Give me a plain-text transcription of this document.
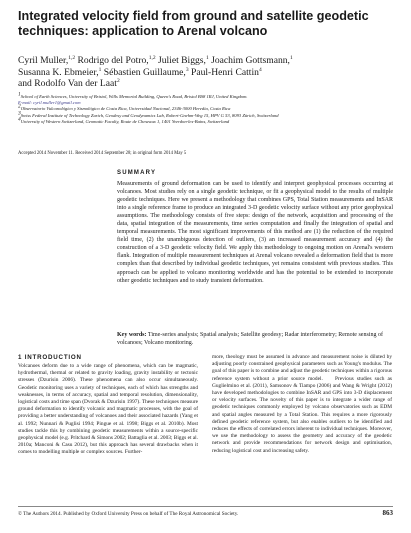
Integrated velocity field from ground and satellite geodetic techniques: application to Arenal volcano
Cyril Muller,$^{1,2}$ Rodrigo del Potro,$^{1,2}$ Juliet Biggs,$^1$ Joachim Gottsmann,$^1$
Susanna K. Ebmeier,$^1$ Sébastien Guillaume,$^3$ Paul-Henri Cattin$^4$
and Rodolfo Van der Laat$^2$
$^1$School of Earth Sciences, University of Bristol, Wills Memorial Building, Queen's Road, Bristol BS8 1RJ, United Kingdom.
E-mail: cyril.muller1@gmail.com
$^2$Observatorio Vulcanológico y Sismológico de Costa Rica, Universidad Nacional, 2346-3000 Heredia, Costa Rica
$^3$Swiss Federal Institute of Technology Zurich, Geodesy and Geodynamics Lab, Robert-Gnehm-Weg 15, HPV G 53, 8093 Zürich, Switzerland
$^4$University of Western Switzerland, Geomatic Faculty, Route de Cheseaux 1, 1401 Yverdon-les-Bains, Switzerland
Accepted 2014 November 11. Received 2014 September 28; in original form 2014 May 5
SUMMARY
Measurements of ground deformation can be used to identify and interpret geophysical processes occurring at volcanoes. Most studies rely on a single geodetic technique, or fit a geophysical model to the results of multiple geodetic techniques. Here we present a methodology that combines GPS, Total Station measurements and InSAR into a single reference frame to produce an integrated 3-D geodetic velocity surface without any prior geophysical assumptions. The methodology consists of five steps: design of the network, acquisition and processing of the data, spatial integration of the measurements, time series computation and finally the integration of spatial and temporal measurements. The most significant improvements of this method are (1) the reduction of the required field time, (2) the unambiguous detection of outliers, (3) an increased measurement accuracy and (4) the construction of a 3-D geodetic velocity field. We apply this methodology to ongoing motion on Arenal's western flank. Integration of multiple measurement techniques at Arenal volcano revealed a deformation field that is more complex than that described by individual geodetic techniques, yet remains consistent with previous studies. This approach can be applied to volcano monitoring worldwide and has the potential to be extended to incorporate other geodetic techniques and to study transient deformation.
Key words: Time-series analysis; Spatial analysis; Satellite geodesy; Radar interferometry; Remote sensing of volcanoes; Volcano monitoring.
1 INTRODUCTION
Volcanoes deform due to a wide range of phenomena, which can be magmatic, hydrothermal, thermal or related to gravity loading, gravity instability or tectonic stresses (Dzurisin 2006). These phenomena can also occur simultaneously. Geodetic monitoring uses a variety of techniques, each of which has strengths and weaknesses, in terms of accuracy, spatial and temporal resolution, dimensionality, logistical costs and time span (Dvorak & Dzurisin 1997). These techniques measure ground deformation to identify volcanic and magmatic processes, with the goal of providing a better understanding of volcanoes and their associated hazards (Yang et al. 1992; Nunnari & Puglisi 1994; Pingue et al. 1998; Biggs et al. 2010b). Most studies tackle this by combining geodetic measurements within a source-specific geophysical model (e.g. Pritchard & Simons 2002; Battaglia et al. 2003; Biggs et al. 2010a; Manconi & Casu 2012), but this approach has several drawbacks when it comes to modelling multiple or complex sources. Further-
more, theology must be assumed in advance and measurement noise is diluted by adjusting poorly constrained geophysical parameters such as Young's modulus. The goal of this paper is to combine and adjust the geodetic techniques within a rigorous reference system without a prior source model.    Previous studies such as Guglielmino et al. (2011), Samsonov & Tiampo (2006) and Wang & Wright (2012) have developed methodologies to combine InSAR and GPS into 3-D displacement or velocity surfaces. The novelty of this paper is to integrate a wider range of geodetic techniques commonly employed by volcano observatories such as EDM and spatial angles measured by a Total Station. This requires a more rigorously defined geodetic reference system, but also enables outliers to be identified and reduces the effects of correlated errors inherent to individual techniques. Moreover, we use the methodology to assess the geometry and accuracy of the geodetic network and provide recommendations for network design and optimisation, reducing logistical cost and increasing safety.
© The Authors 2014. Published by Oxford University Press on behalf of The Royal Astronomical Society.	863
